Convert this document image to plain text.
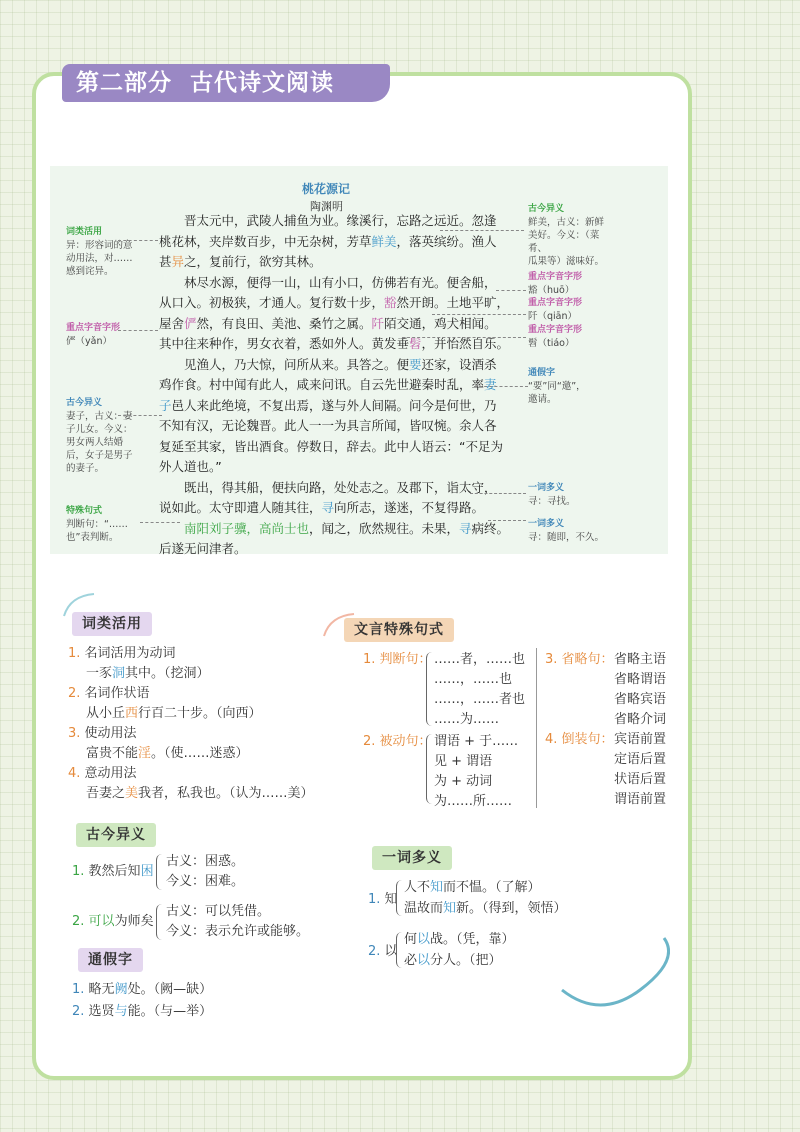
第二部分 古代诗文阅读
桃花源记
陶渊明
晋太元中，武陵人捕鱼为业。缘溪行，忘路之远近。忽逢
桃花林，夹岸数百步，中无杂树，芳草鲜美，落英缤纷。渔人
甚异之，复前行，欲穷其林。
林尽水源，便得一山，山有小口，仿佛若有光。便舍船，
从口入。初极狭，才通人。复行数十步，豁然开朗。土地平旷，
屋舍俨然，有良田、美池、桑竹之属。阡陌交通，鸡犬相闻。
其中往来种作，男女衣着，悉如外人。黄发垂髫，并怡然自乐。
见渔人，乃大惊，问所从来。具答之。便要还家，设酒杀
鸡作食。村中闻有此人，咸来问讯。自云先世避秦时乱，率妻
子邑人来此绝境，不复出焉，遂与外人间隔。问今是何世，乃
不知有汉，无论魏晋。此人一一为具言所闻，皆叹惋。余人各
复延至其家，皆出酒食。停数日，辞去。此中人语云：“不足为
外人道也。”
既出，得其船，便扶向路，处处志之。及郡下，诣太守，
说如此。太守即遣人随其往，寻向所志，遂迷，不复得路。
南阳刘子骥，高尚士也，闻之，欣然规往。未果，寻病终。
后遂无问津者。
词类活用
异：形容词的意
动用法，对……
感到诧异。
重点字音字形
俨（yǎn）
古今异义
妻子，古义：妻
子儿女。今义：
男女两人结婚
后，女子是男子
的妻子。
特殊句式
判断句：“……
也”表判断。
古今异义
鲜美，古义：新鲜
美好。今义：（菜肴、
瓜果等）滋味好。
重点字音字形
豁（huō）
重点字音字形
阡（qiān）
重点字音字形
髫（tiáo）
通假字
“要”同“邀”，
邀请。
一词多义
寻：寻找。
一词多义
寻：随即，不久。
词类活用
1. 名词活用为动词
一豕洞其中。（挖洞）
2. 名词作状语
从小丘西行百二十步。（向西）
3. 使动用法
富贵不能淫。（使……迷惑）
4. 意动用法
吾妻之美我者，私我也。（认为……美）
古今异义
1. 教然后知困
古义：困惑。
今义：困难。
2. 可以为师矣
古义：可以凭借。
今义：表示允许或能够。
通假字
1. 略无阙处。（阙—缺）
2. 选贤与能。（与—举）
文言特殊句式
1. 判断句： ……者，……也
……，……也
……，……者也
……为……
2. 被动句： 谓语 + 于……
见 + 谓语
为 + 动词
为……所……
3. 省略句： 省略主语
省略谓语
省略宾语
省略介词
4. 倒装句： 宾语前置
定语后置
状语后置
谓语前置
一词多义
1. 知
人不知而不愠。（了解）
温故而知新。（得到，领悟）
2. 以
何以战。（凭，靠）
必以分人。（把）
